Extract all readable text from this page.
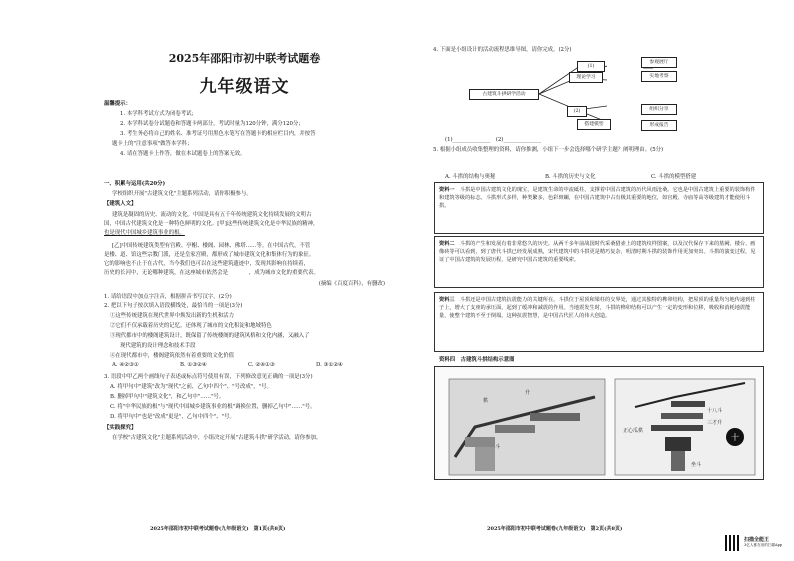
2025年邵阳市初中联考试题卷
九年级语文
温馨提示：
1. 本学科考试方式为闭卷考试；
2. 本学科试卷分试题卷和答题卡两部分，考试时量为120分钟，满分120分；
3. 考生务必将自己的姓名、准考证号用黑色水笔写在答题卡的相应栏目内，并按答
题卡上的"注意事项"做答本学科；
4. 请在答题卡上作答，做在本试题卷上的答案无效。
一、积累与运用(共20分)
学校组织开展"古建筑文化"主题系列活动，请你积极参与。
【建筑人文】
建筑是凝固的历史、流动的文化。中国是具有五千年传统建筑文化持续发展的文明古
国，中国古代建筑文化是一种特色鲜明的文化。[甲]这些传统建筑文化是中华民族的精神，
也是现代中国城乡建筑事业的根。
[乙]中国传统建筑类型有宫殿、亭榭、楼阁、园林、佛塔……等。在中国古代，不管
是楼、道、馆这些宗教门派，还是皇家宫殿，都形成了城市建筑文化和集体行为的象征。
它的影响也不止于在古代，当今我们也可以在这些建筑遗迹中，发现其影响在持续着，
历史的长河中，无论哪种建筑，在这座城市依然会是ㅤㅤㅤㅤ，成为城市文化的重要代表。
(摘编《百度百科》，有删改)
1. 请给语段中加点字注音，根据拼音书写汉字。(2分)
2. 把以下句子按次填入语段横线处，最恰当的一项是(3分)
①这些传统建筑在现代世界中焕发出新的生机和活力
②它们不仅承载着历史的记忆，还体现了城市的文化积淀和地域特色
③现代都市中的楼阁建筑设计，既保留了传统楼阁的建筑风格和文化内涵，又融入了
现代建筑的设计理念和技术手段
④在现代都市中，楼阁建筑依然有着重要的文化价值
A. ④②③①	B. ①③②④	C. ②④①③	D. ③①②④
3. 语段中甲乙两个画线句子表述或标点符号使用有误，下列修改意见正确的一项是(3分)
A. 将甲句中"建筑"改为"现代"之前，乙句中四个"、"号改成"，"号。
B. 删掉甲句中"建筑文化"，和乙句中"……"号。
C. 将"中华民族的根"与"现代中国城乡建筑事业的根"调换位置，删掉乙句中"……"号。
D. 将甲句中"也是"改成"更是"，乙句中四个"、"号。
【实践探究】
在学校"古建筑文化"主题系列活动中，小组决定开展"古建筑斗拱"研学活动，请你参加。
2025年邵阳市初中联考试题卷(九年级语文)　第1页(共8页)
4. 下面是小组设计的活动流程思维导图，请你完成。(2分)
古建筑斗拱研学活动
(1)
理论学习
参观展厅
实地考察
(2)
搭建模型
组织分享
形成报告
(1)______________　(2)______________
5. 根据小组成员收集整理的资料，请你推测，小组下一步会选择哪个研学主题？阐明理由。(5分)
A. 斗拱的结构与奥秘	B. 斗拱的历史与文化	C. 斗拱的模型搭建
资料一　 斗拱是中国古建筑文化的瑰宝，是建筑生命的中流砥柱，支撑着中国古建筑的历代风雨沧桑。它也是中国古建筑上重要的装饰构件和建筑等级的标志。斗拱形式多样，种类繁多，色彩斑斓，在中国古建筑中占有极其重要的地位，如宫殿、寺庙等高等级建筑才能使用斗拱。
资料二　 斗拱的产生和发展有着非常悠久的历史。从两千多年前战国时代采桑猎壶上的建筑纹样图案，以及汉代保存下来的墓阙、楼台、画像砖等可以看到，到了唐代斗拱已经发展成熟，宋代建筑中的斗拱更是精巧复杂，明清时期斗拱的装饰作用更加突出。斗拱的演变过程，见证了中国古建筑的发展历程，是研究中国古建筑的重要线索。
资料三　 斗拱还是中国古建筑抗震能力的关键所在。斗拱位于屋顶和梁柱的交界处，通过其独特的榫卯结构，把屋顶的重量均匀地传递到柱子上，增大了支座的承压面，起到了缓冲和减震的作用。当地震发生时，斗拱的榫卯结构可以产生一定的变形和位移，吸收和消耗地震能量，使整个建筑不至于倒塌。这种抗震智慧，是中国古代匠人的伟大创造。
资料四　古建筑斗拱结构示意图
十
栱
升
斗
十八斗
三才升
正心瓜栱
坐斗
2025年邵阳市初中联考试题卷(九年级语文)　第2页(共8页)
扫描全能王
3亿人都在用的扫描App
